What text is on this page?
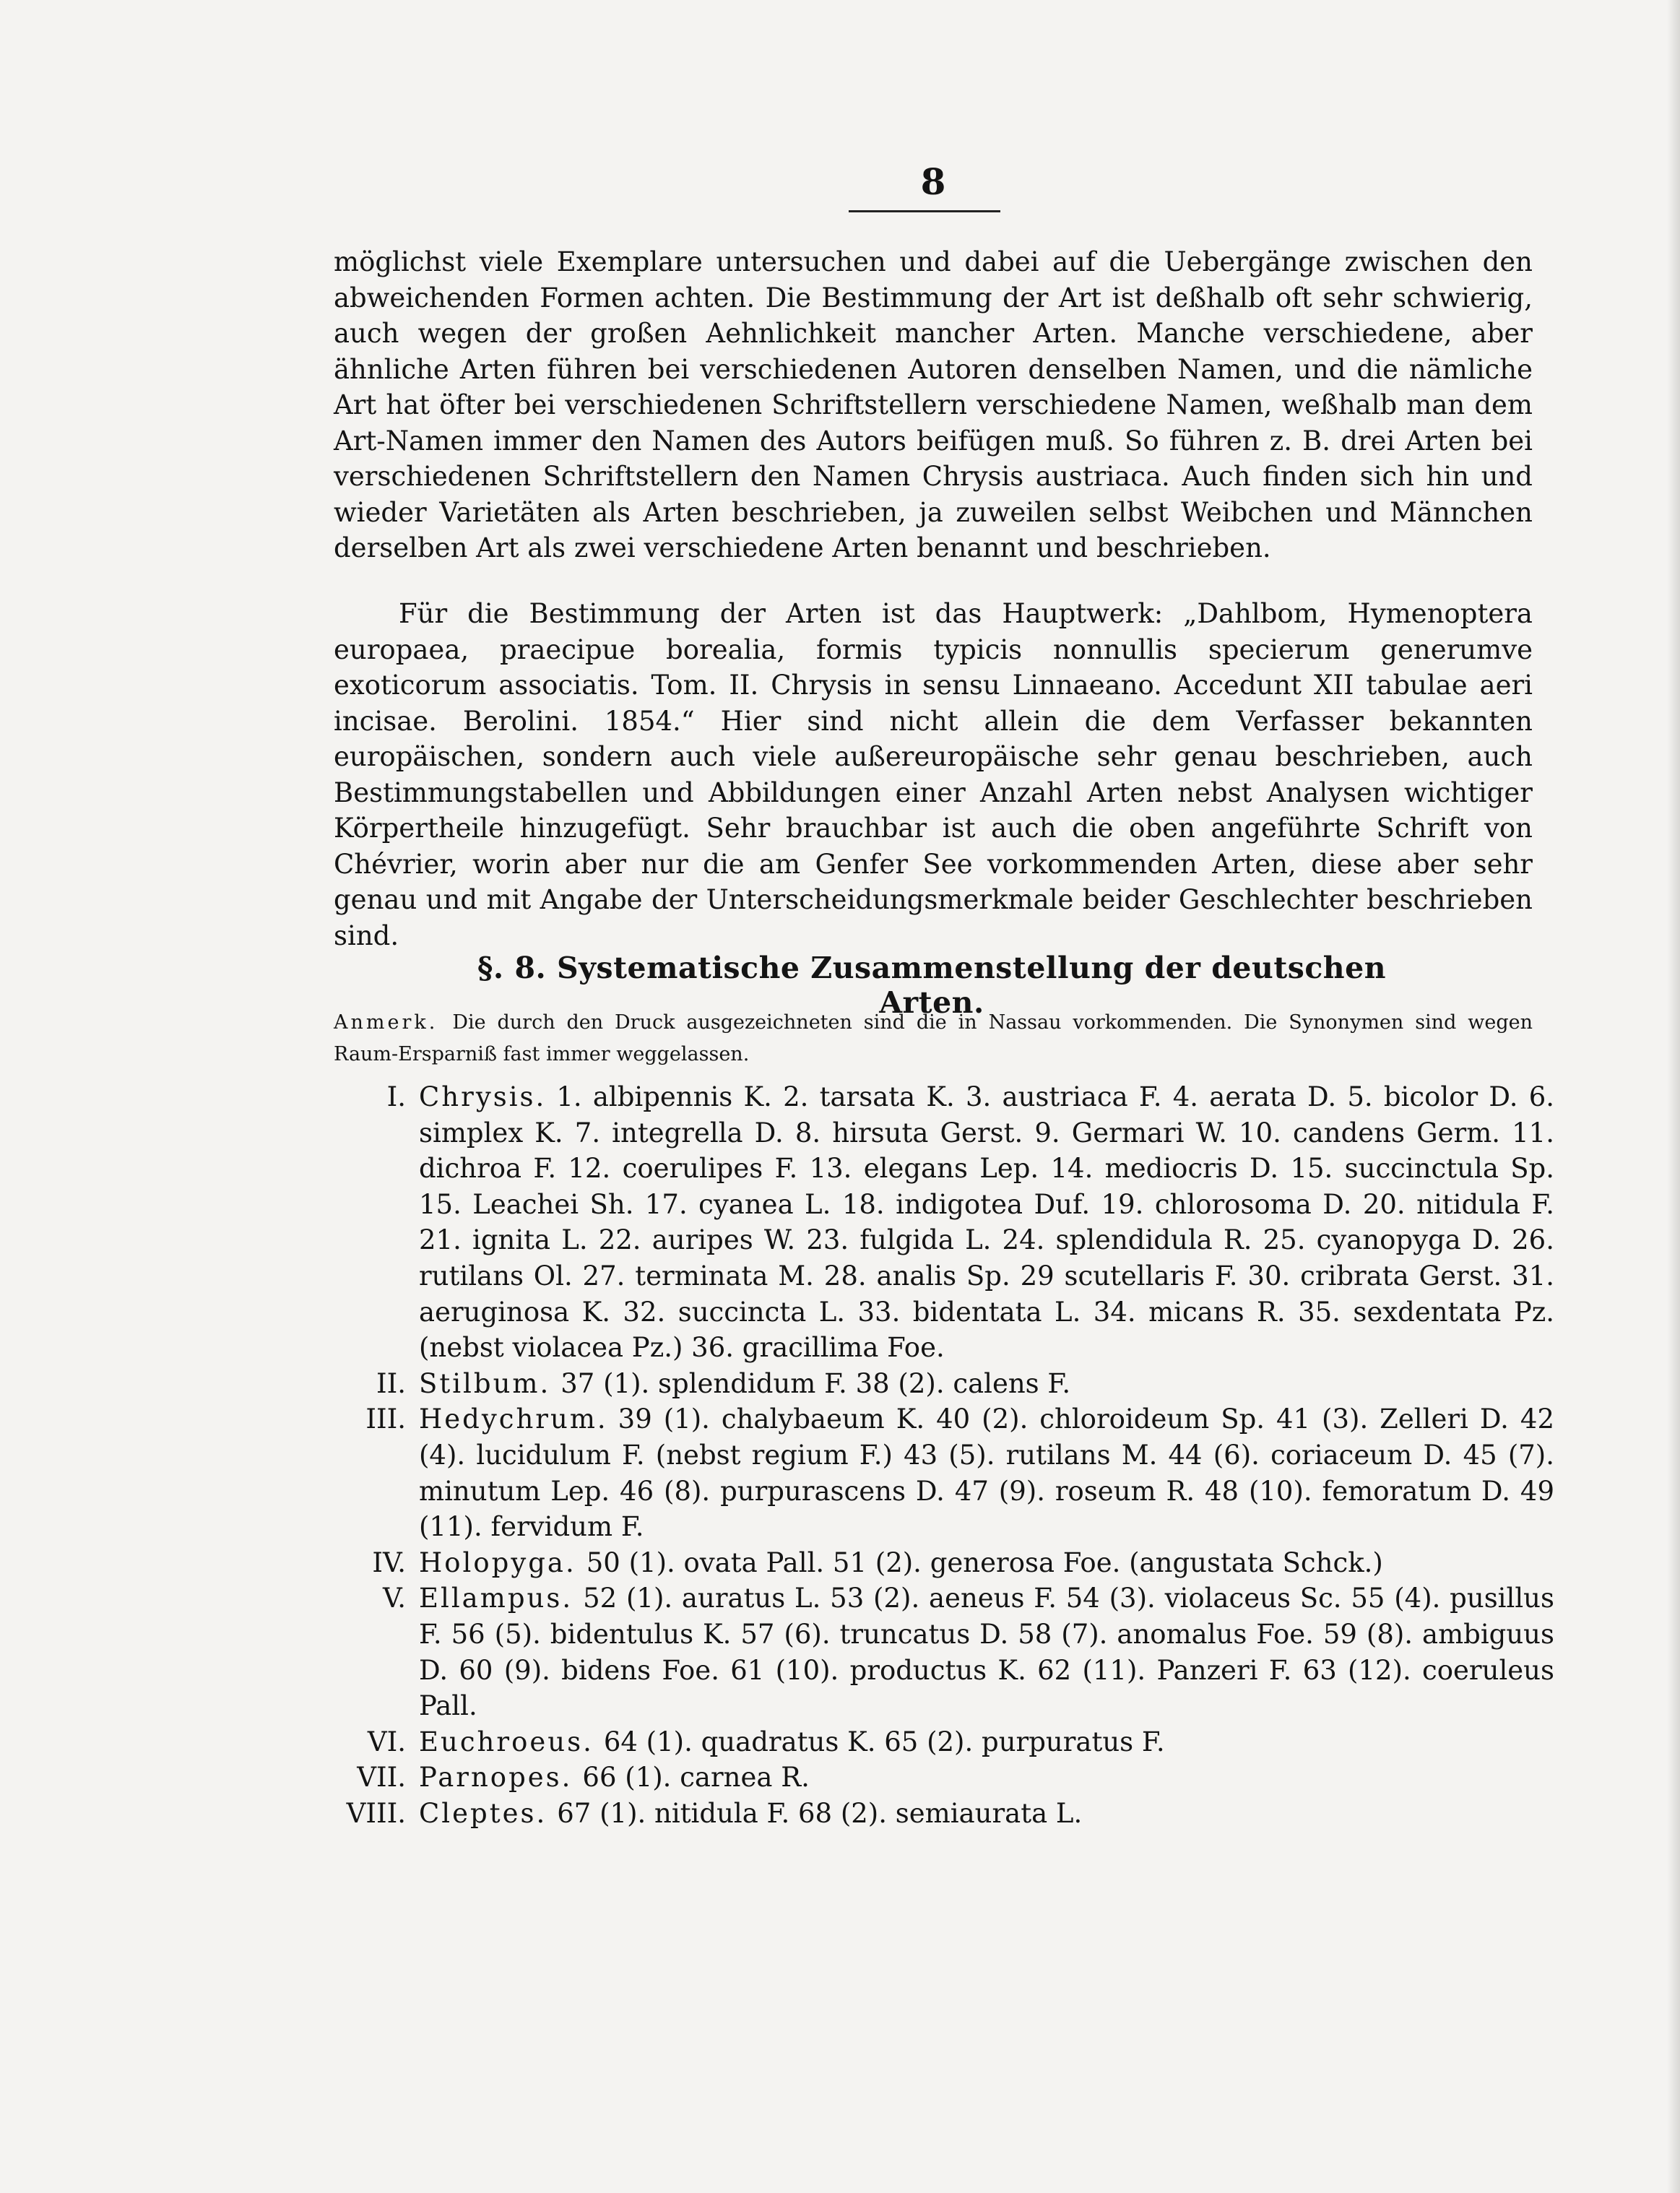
8

möglichst viele Exemplare untersuchen und dabei auf die Uebergänge zwischen den abweichenden Formen achten. Die Bestimmung der Art ist deßhalb oft sehr schwierig, auch wegen der großen Aehnlichkeit mancher Arten. Manche verschiedene, aber ähnliche Arten führen bei verschiedenen Autoren denselben Namen, und die nämliche Art hat öfter bei verschiedenen Schriftstellern verschiedene Namen, weßhalb man dem Art-Namen immer den Namen des Autors beifügen muß. So führen z. B. drei Arten bei verschiedenen Schriftstellern den Namen Chrysis austriaca. Auch finden sich hin und wieder Varietäten als Arten beschrieben, ja zuweilen selbst Weibchen und Männchen derselben Art als zwei verschiedene Arten benannt und beschrieben.

Für die Bestimmung der Arten ist das Hauptwerk: „Dahlbom, Hymenoptera europaea, praecipue borealia, formis typicis nonnullis specierum generumve exoticorum associatis. Tom. II. Chrysis in sensu Linnaeano. Accedunt XII tabulae aeri incisae. Berolini. 1854.“ Hier sind nicht allein die dem Verfasser bekannten europäischen, sondern auch viele außereuropäische sehr genau beschrieben, auch Bestimmungstabellen und Abbildungen einer Anzahl Arten nebst Analysen wichtiger Körpertheile hinzugefügt. Sehr brauchbar ist auch die oben angeführte Schrift von Chévrier, worin aber nur die am Genfer See vorkommenden Arten, diese aber sehr genau und mit Angabe der Unterscheidungsmerkmale beider Geschlechter beschrieben sind.

§. 8. Systematische Zusammenstellung der deutschen Arten.

Anmerk. Die durch den Druck ausgezeichneten sind die in Nassau vorkommenden. Die Synonymen sind wegen Raum-Ersparniß fast immer weggelassen.

I. Chrysis. 1. albipennis K. 2. tarsata K. 3. austriaca F. 4. aerata D. 5. bicolor D. 6. simplex K. 7. integrella D. 8. hirsuta Gerst. 9. Germari W. 10. candens Germ. 11. dichroa F. 12. coerulipes F. 13. elegans Lep. 14. mediocris D. 15. succinctula Sp. 15. Leachei Sh. 17. cyanea L. 18. indigotea Duf. 19. chlorosoma D. 20. nitidula F. 21. ignita L. 22. auripes W. 23. fulgida L. 24. splendidula R. 25. cyanopyga D. 26. rutilans Ol. 27. terminata M. 28. analis Sp. 29 scutellaris F. 30. cribrata Gerst. 31. aeruginosa K. 32. succincta L. 33. bidentata L. 34. micans R. 35. sexdentata Pz. (nebst violacea Pz.) 36. gracillima Foe.
II. Stilbum. 37 (1). splendidum F. 38 (2). calens F.
III. Hedychrum. 39 (1). chalybaeum K. 40 (2). chloroideum Sp. 41 (3). Zelleri D. 42 (4). lucidulum F. (nebst regium F.) 43 (5). rutilans M. 44 (6). coriaceum D. 45 (7). minutum Lep. 46 (8). purpurascens D. 47 (9). roseum R. 48 (10). femoratum D. 49 (11). fervidum F.
IV. Holopyga. 50 (1). ovata Pall. 51 (2). generosa Foe. (angustata Schck.)
V. Ellampus. 52 (1). auratus L. 53 (2). aeneus F. 54 (3). violaceus Sc. 55 (4). pusillus F. 56 (5). bidentulus K. 57 (6). truncatus D. 58 (7). anomalus Foe. 59 (8). ambiguus D. 60 (9). bidens Foe. 61 (10). productus K. 62 (11). Panzeri F. 63 (12). coeruleus Pall.
VI. Euchroeus. 64 (1). quadratus K. 65 (2). purpuratus F.
VII. Parnopes. 66 (1). carnea R.
VIII. Cleptes. 67 (1). nitidula F. 68 (2). semiaurata L.
